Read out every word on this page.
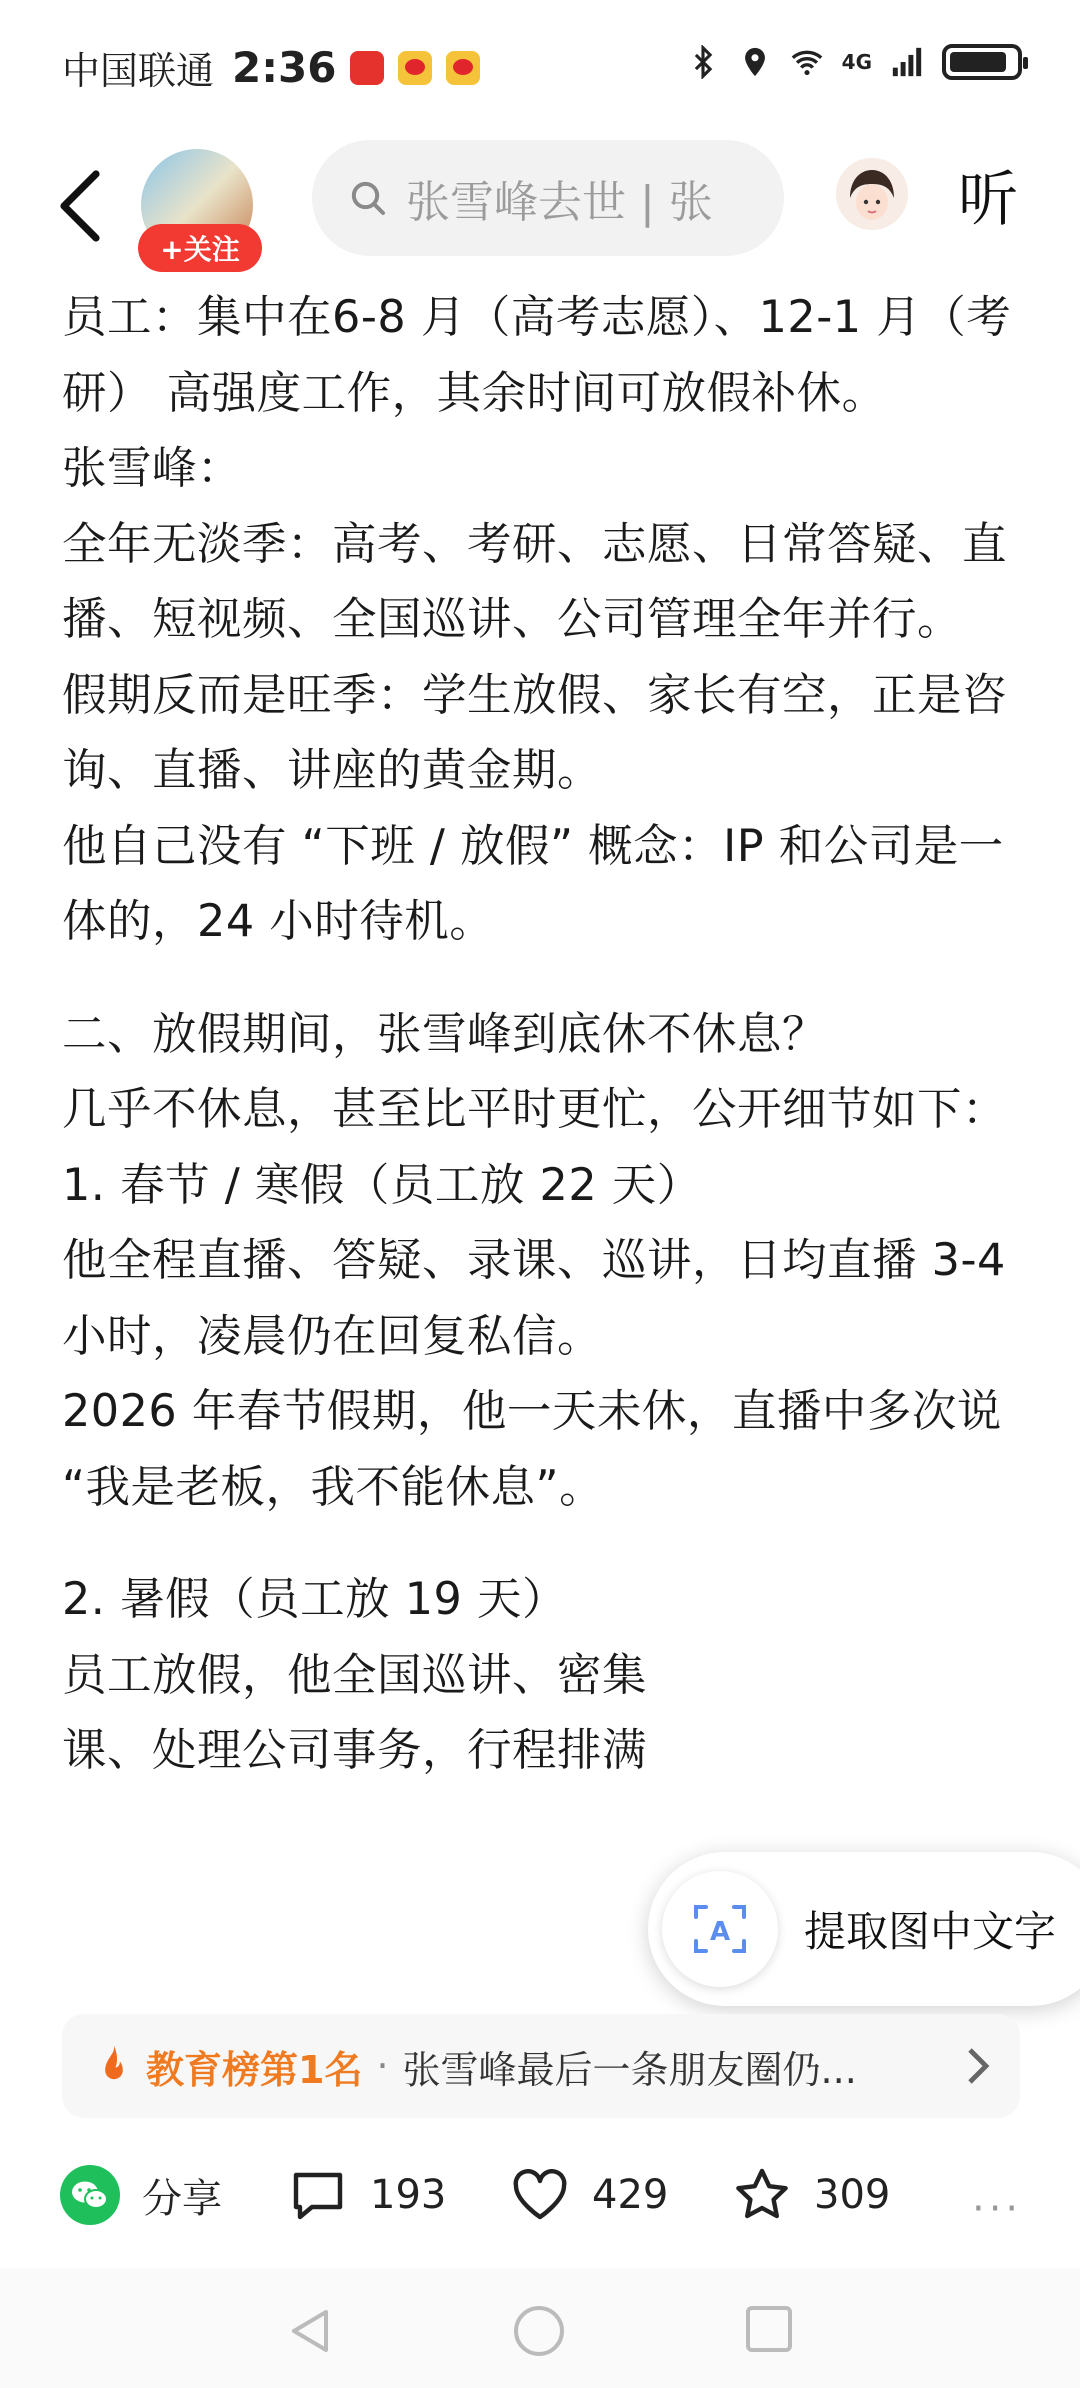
中国联通 2:36	4G
+关注
张雪峰去世 | 张	听

员工：集中在6-8 月（高考志愿）、12-1 月（考研） 高强度工作，其余时间可放假补休。

张雪峰：

全年无淡季：高考、考研、志愿、日常答疑、直播、短视频、全国巡讲、公司管理全年并行。

假期反而是旺季：学生放假、家长有空，正是咨询、直播、讲座的黄金期。

他自己没有 “下班 / 放假” 概念：IP 和公司是一体的，24 小时待机。

二、放假期间，张雪峰到底休不休息？

几乎不休息，甚至比平时更忙，公开细节如下：

1. 春节 / 寒假（员工放 22 天）

他全程直播、答疑、录课、巡讲，日均直播 3-4 小时，凌晨仍在回复私信。

2026 年春节假期，他一天未休，直播中多次说 “我是老板，我不能休息”。

2. 暑假（员工放 19 天）

员工放假，他全国巡讲、密集

课、处理公司事务，行程排满

A 提取图中文字
教育榜第1名 · 张雪峰最后一条朋友圈仍...
分享	193	429	309 ···
